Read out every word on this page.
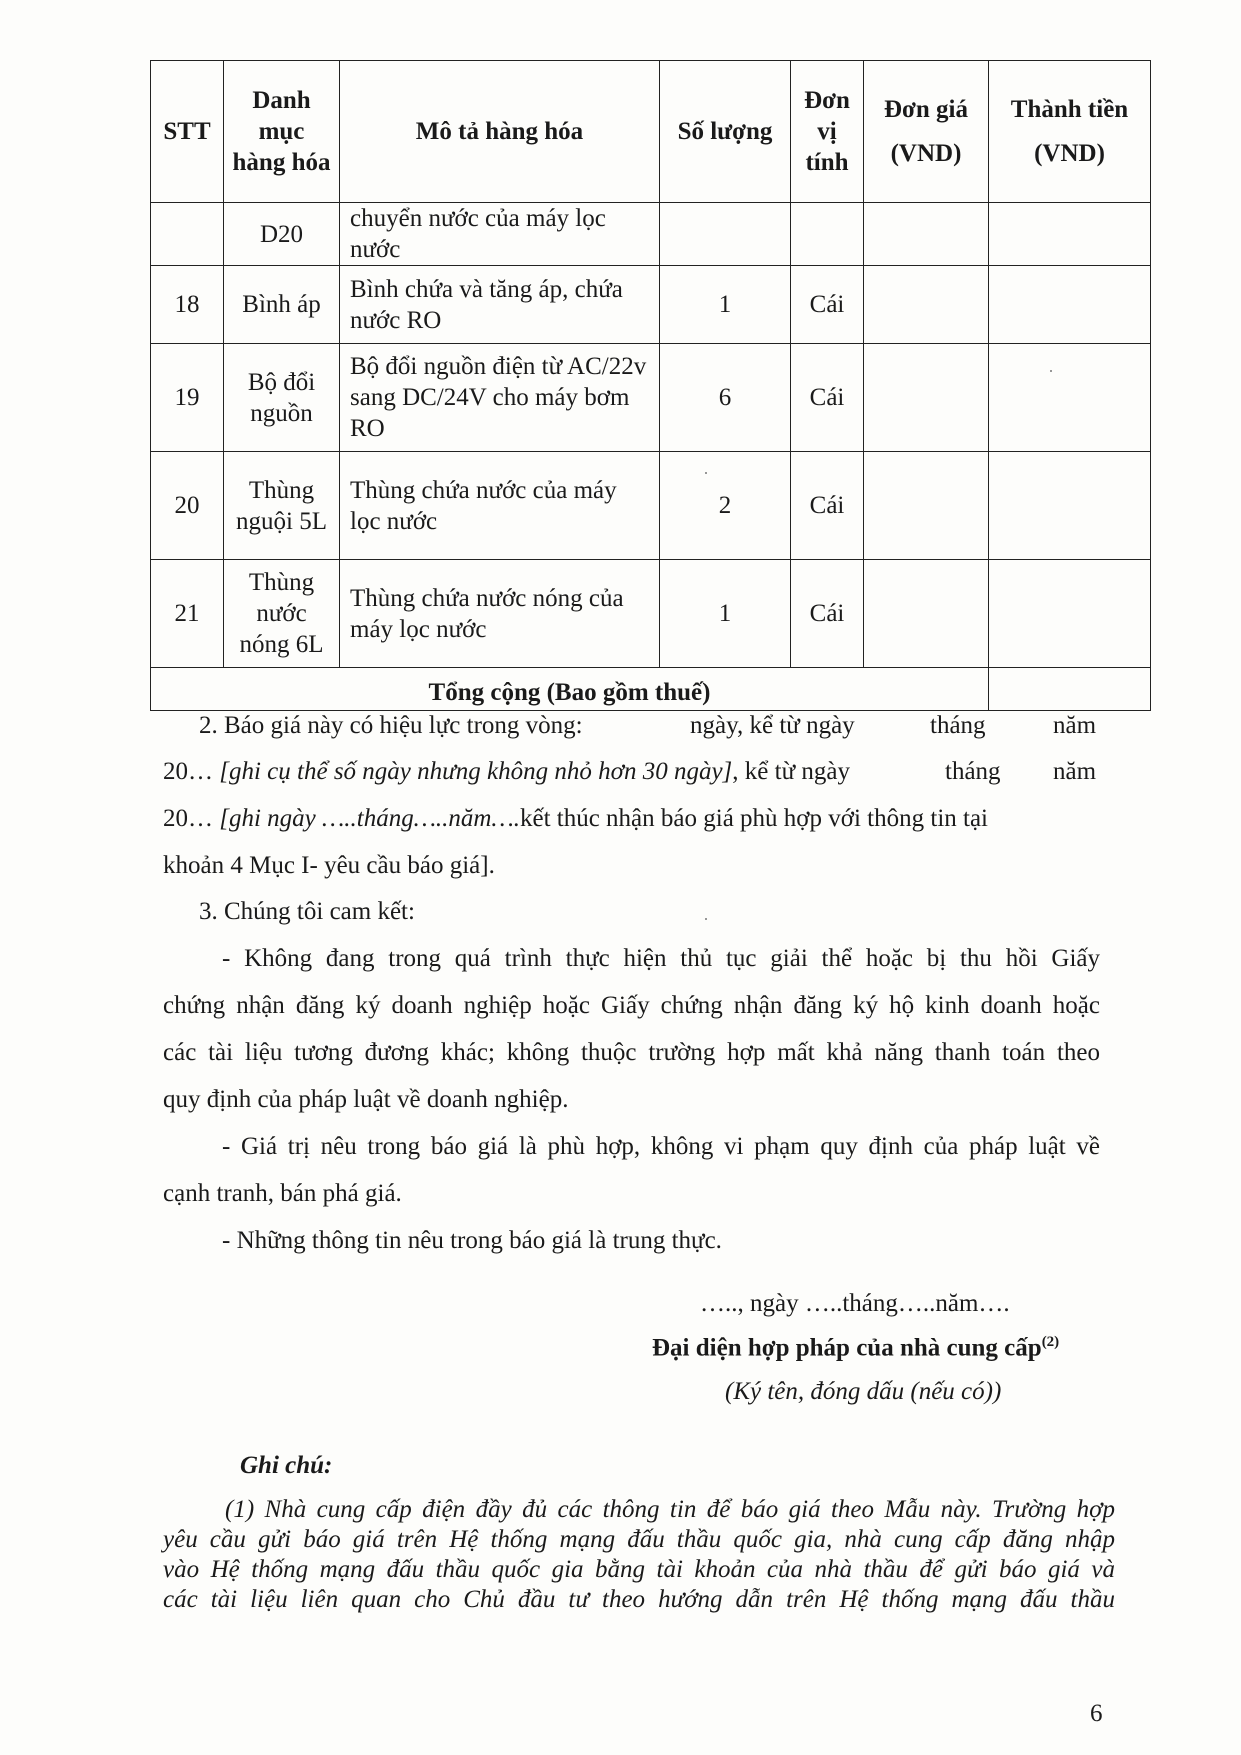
STT	Danh mục hàng hóa	Mô tả hàng hóa	Số lượng	Đơn vị tính	Đơn giá (VND)	Thành tiền (VND)
	D20	chuyển nước của máy lọc nước				
18	Bình áp	Bình chứa và tăng áp, chứa nước RO	1	Cái		
19	Bộ đổi nguồn	Bộ đổi nguồn điện từ AC/22v sang DC/24V cho máy bơm RO	6	Cái		
20	Thùng nguội 5L	Thùng chứa nước của máy lọc nước	2	Cái		
21	Thùng nước nóng 6L	Thùng chứa nước nóng của máy lọc nước	1	Cái		
Tổng cộng (Bao gồm thuế)						
2. Báo giá này có hiệu lực trong vòng:	ngày, kể từ ngày	tháng	năm
20… [ghi cụ thể số ngày nhưng không nhỏ hơn 30 ngày], kể từ ngày	tháng năm
20… [ghi ngày …..tháng…..năm….kết thúc nhận báo giá phù hợp với thông tin tại
khoản 4 Mục I- yêu cầu báo giá].
3. Chúng tôi cam kết:
- Không đang trong quá trình thực hiện thủ tục giải thể hoặc bị thu hồi Giấy
chứng nhận đăng ký doanh nghiệp hoặc Giấy chứng nhận đăng ký hộ kinh doanh hoặc
các tài liệu tương đương khác; không thuộc trường hợp mất khả năng thanh toán theo
quy định của pháp luật về doanh nghiệp.
- Giá trị nêu trong báo giá là phù hợp, không vi phạm quy định của pháp luật về
cạnh tranh, bán phá giá.
- Những thông tin nêu trong báo giá là trung thực.
….., ngày …..tháng…..năm….
Đại diện hợp pháp của nhà cung cấp$^{(2)}$
(Ký tên, đóng dấu (nếu có))
Ghi chú:
(1) Nhà cung cấp điện đầy đủ các thông tin để báo giá theo Mẫu này. Trường hợp
yêu cầu gửi báo giá trên Hệ thống mạng đấu thầu quốc gia, nhà cung cấp đăng nhập
vào Hệ thống mạng đấu thầu quốc gia bằng tài khoản của nhà thầu để gửi báo giá và
các tài liệu liên quan cho Chủ đầu tư theo hướng dẫn trên Hệ thống mạng đấu thầu
6
